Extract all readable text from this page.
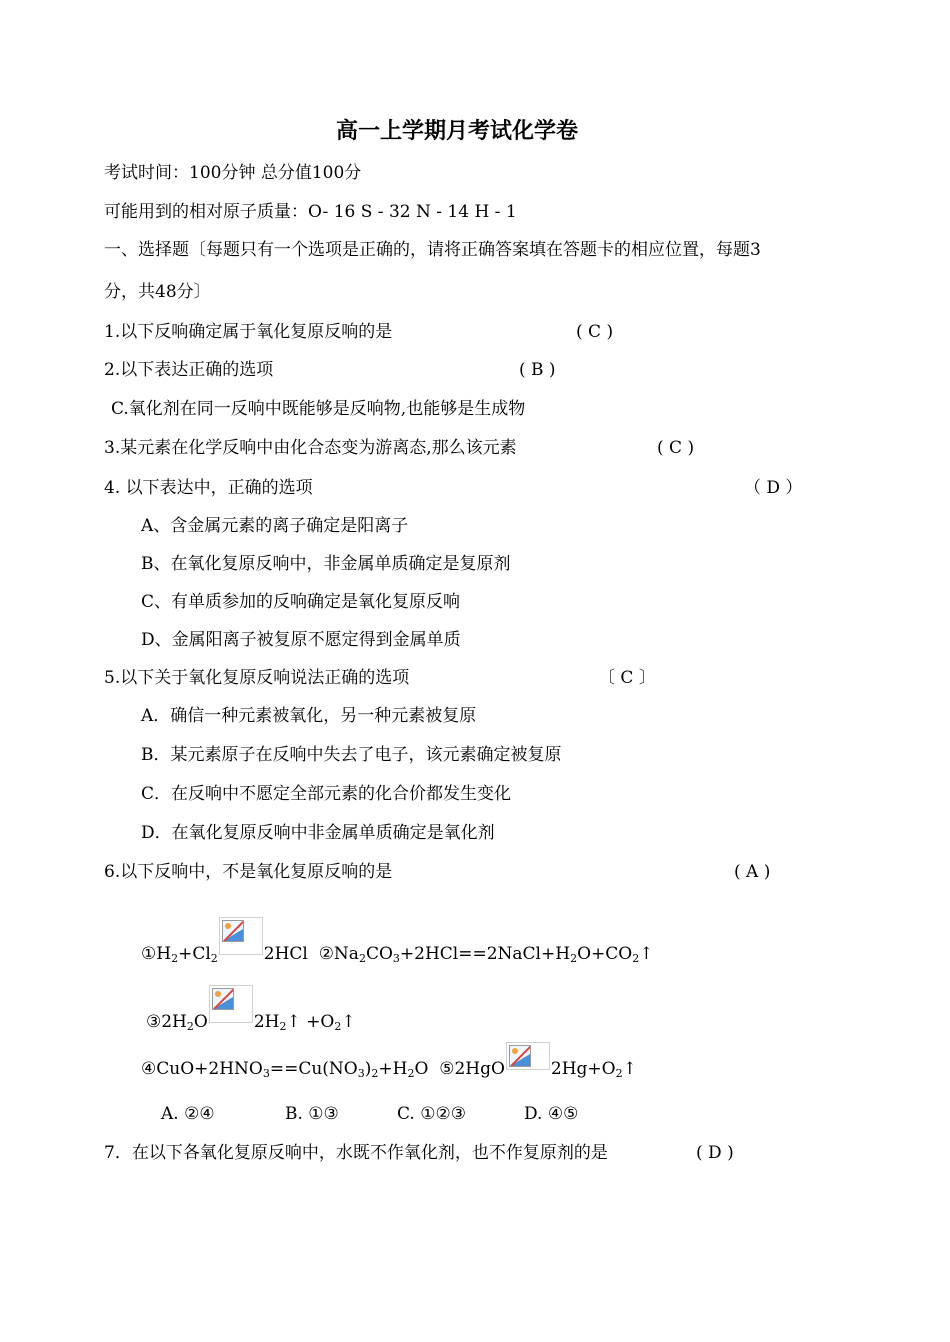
高一上学期月考试化学卷
考试时间：100分钟 总分值100分
可能用到的相对原子质量：O- 16 S - 32 N - 14 H - 1
一、选择题〔每题只有一个选项是正确的，请将正确答案填在答题卡的相应位置，每题3
分，共48分〕
1.以下反响确定属于氧化复原反响的是	( C )
2.以下表达正确的选项	( B )
C.氧化剂在同一反响中既能够是反响物,也能够是生成物
3.某元素在化学反响中由化合态变为游离态,那么该元素	( C )
4. 以下表达中，正确的选项	（ D ）
A、含金属元素的离子确定是阳离子
B、在氧化复原反响中，非金属单质确定是复原剂
C、有单质参加的反响确定是氧化复原反响
D、金属阳离子被复原不愿定得到金属单质
5.以下关于氧化复原反响说法正确的选项	〔 C 〕
A．确信一种元素被氧化，另一种元素被复原
B．某元素原子在反响中失去了电子，该元素确定被复原
C．在反响中不愿定全部元素的化合价都发生变化
D．在氧化复原反响中非金属单质确定是氧化剂
6.以下反响中，不是氧化复原反响的是	( A )
$①H_2+Cl_2$	2HCl $②Na_2CO_3+2HCl==2NaCl+H_2O+CO_2↑$
$③2H_2O$	$2H_2↑$ $+O_2↑$
$④CuO+2HNO_3==Cu(NO_3)_2+H_2O$ ⑤2HgO	$2Hg+O_2↑$
A. ②④	B. ①③	C. ①②③	D. ④⑤
7．在以下各氧化复原反响中，水既不作氧化剂，也不作复原剂的是	( D )
